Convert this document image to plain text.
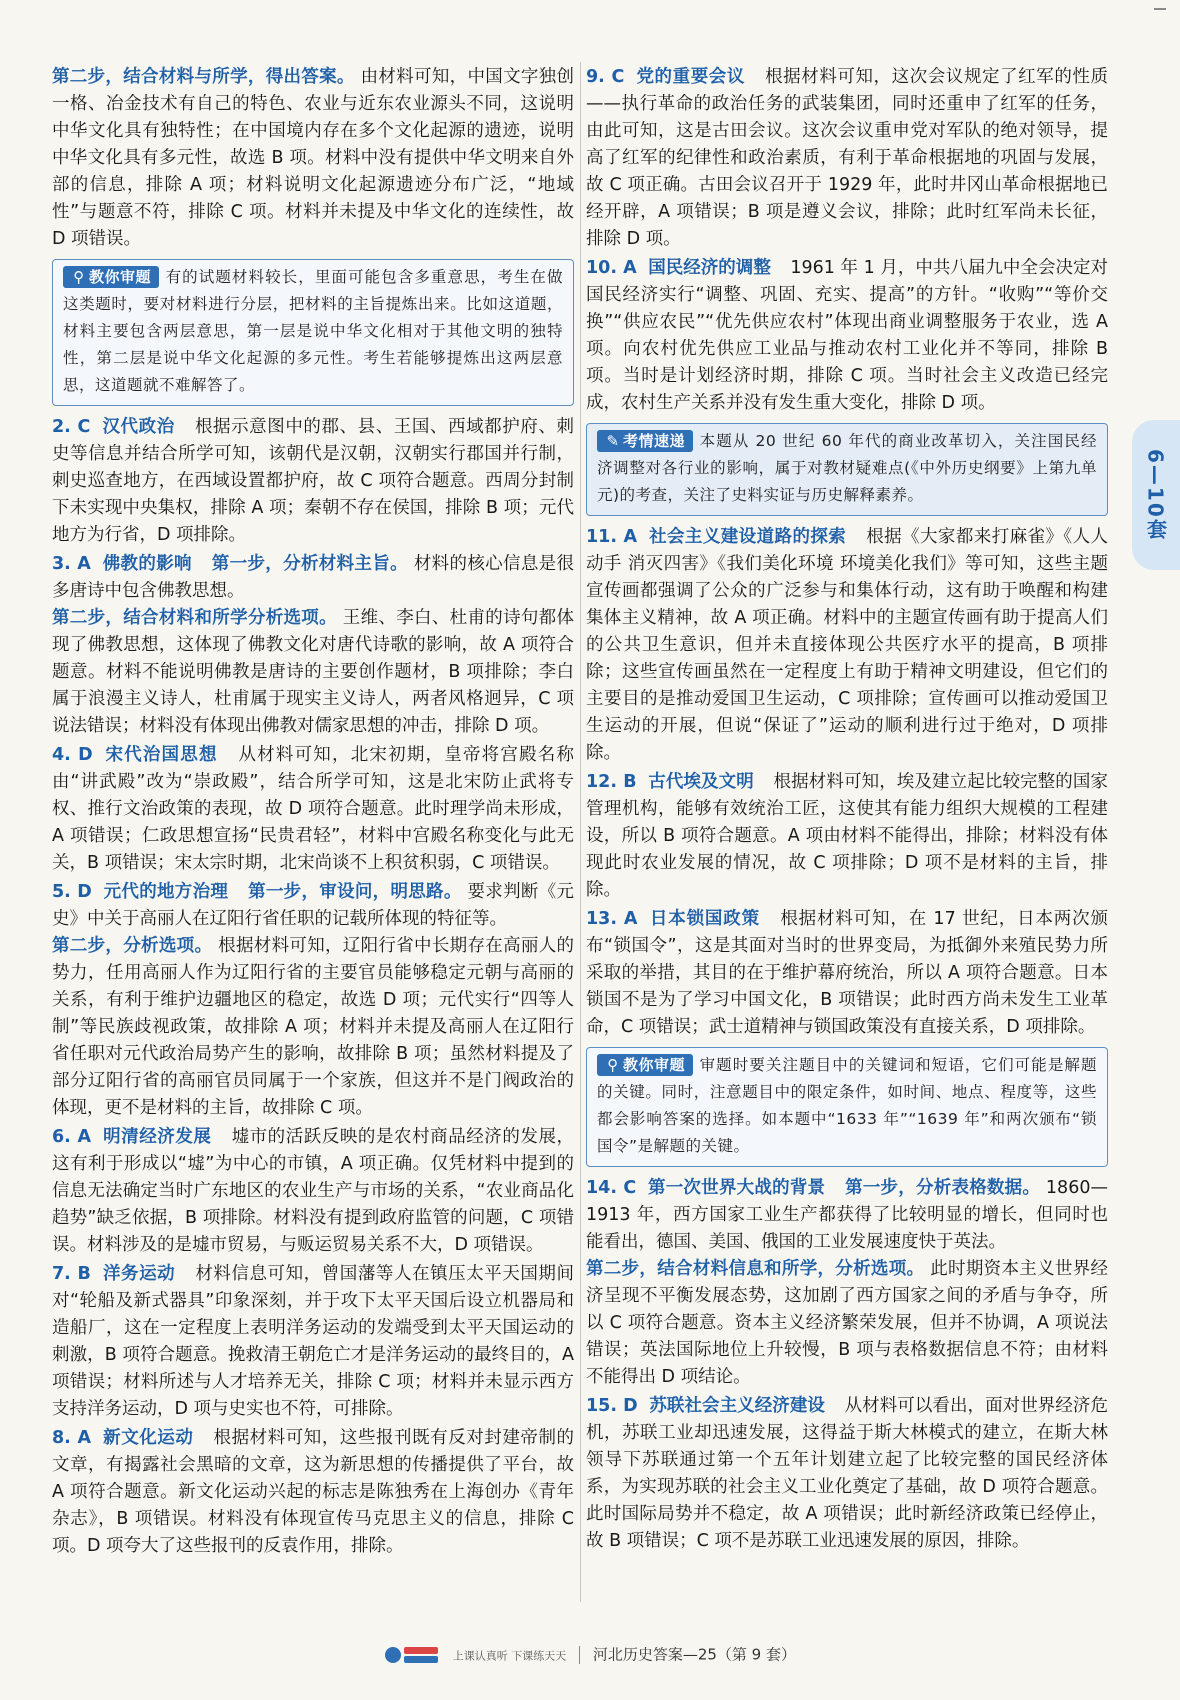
第二步，结合材料与所学，得出答案。 由材料可知，中国文字独创一格、冶金技术有自己的特色、农业与近东农业源头不同，这说明中华文化具有独特性；在中国境内存在多个文化起源的遗迹，说明中华文化具有多元性，故选 B 项。材料中没有提供中华文明来自外部的信息，排除 A 项；材料说明文化起源遗迹分布广泛，“地域性”与题意不符，排除 C 项。材料并未提及中华文化的连续性，故 D 项错误。

⚲ 教你审题 有的试题材料较长，里面可能包含多重意思，考生在做这类题时，要对材料进行分层，把材料的主旨提炼出来。比如这道题，材料主要包含两层意思，第一层是说中华文化相对于其他文明的独特性，第二层是说中华文化起源的多元性。考生若能够提炼出这两层意思，这道题就不难解答了。

2. C 汉代政治 根据示意图中的郡、县、王国、西域都护府、刺史等信息并结合所学可知，该朝代是汉朝，汉朝实行郡国并行制，刺史巡查地方，在西域设置都护府，故 C 项符合题意。西周分封制下未实现中央集权，排除 A 项；秦朝不存在侯国，排除 B 项；元代地方为行省，D 项排除。

3. A 佛教的影响 第一步，分析材料主旨。 材料的核心信息是很多唐诗中包含佛教思想。
第二步，结合材料和所学分析选项。 王维、李白、杜甫的诗句都体现了佛教思想，这体现了佛教文化对唐代诗歌的影响，故 A 项符合题意。材料不能说明佛教是唐诗的主要创作题材，B 项排除；李白属于浪漫主义诗人，杜甫属于现实主义诗人，两者风格迥异，C 项说法错误；材料没有体现出佛教对儒家思想的冲击，排除 D 项。

4. D 宋代治国思想 从材料可知，北宋初期，皇帝将宫殿名称由“讲武殿”改为“崇政殿”，结合所学可知，这是北宋防止武将专权、推行文治政策的表现，故 D 项符合题意。此时理学尚未形成，A 项错误；仁政思想宣扬“民贵君轻”，材料中宫殿名称变化与此无关，B 项错误；宋太宗时期，北宋尚谈不上积贫积弱，C 项错误。

5. D 元代的地方治理 第一步，审设问，明思路。 要求判断《元史》中关于高丽人在辽阳行省任职的记载所体现的特征等。
第二步，分析选项。 根据材料可知，辽阳行省中长期存在高丽人的势力，任用高丽人作为辽阳行省的主要官员能够稳定元朝与高丽的关系，有利于维护边疆地区的稳定，故选 D 项；元代实行“四等人制”等民族歧视政策，故排除 A 项；材料并未提及高丽人在辽阳行省任职对元代政治局势产生的影响，故排除 B 项；虽然材料提及了部分辽阳行省的高丽官员同属于一个家族，但这并不是门阀政治的体现，更不是材料的主旨，故排除 C 项。

6. A 明清经济发展 墟市的活跃反映的是农村商品经济的发展，这有利于形成以“墟”为中心的市镇，A 项正确。仅凭材料中提到的信息无法确定当时广东地区的农业生产与市场的关系，“农业商品化趋势”缺乏依据，B 项排除。材料没有提到政府监管的问题，C 项错误。材料涉及的是墟市贸易，与贩运贸易关系不大，D 项错误。

7. B 洋务运动 材料信息可知，曾国藩等人在镇压太平天国期间对“轮船及新式器具”印象深刻，并于攻下太平天国后设立机器局和造船厂，这在一定程度上表明洋务运动的发端受到太平天国运动的刺激，B 项符合题意。挽救清王朝危亡才是洋务运动的最终目的，A 项错误；材料所述与人才培养无关，排除 C 项；材料并未显示西方支持洋务运动，D 项与史实也不符，可排除。

8. A 新文化运动 根据材料可知，这些报刊既有反对封建帝制的文章，有揭露社会黑暗的文章，这为新思想的传播提供了平台，故 A 项符合题意。新文化运动兴起的标志是陈独秀在上海创办《青年杂志》，B 项错误。材料没有体现宣传马克思主义的信息，排除 C 项。D 项夸大了这些报刊的反袁作用，排除。

9. C 党的重要会议 根据材料可知，这次会议规定了红军的性质——执行革命的政治任务的武装集团，同时还重申了红军的任务，由此可知，这是古田会议。这次会议重申党对军队的绝对领导，提高了红军的纪律性和政治素质，有利于革命根据地的巩固与发展，故 C 项正确。古田会议召开于 1929 年，此时井冈山革命根据地已经开辟，A 项错误；B 项是遵义会议，排除；此时红军尚未长征，排除 D 项。

10. A 国民经济的调整 1961 年 1 月，中共八届九中全会决定对国民经济实行“调整、巩固、充实、提高”的方针。“收购”“等价交换”“供应农民”“优先供应农村”体现出商业调整服务于农业，选 A 项。向农村优先供应工业品与推动农村工业化并不等同，排除 B 项。当时是计划经济时期，排除 C 项。当时社会主义改造已经完成，农村生产关系并没有发生重大变化，排除 D 项。

✎ 考情速递 本题从 20 世纪 60 年代的商业改革切入，关注国民经济调整对各行业的影响，属于对教材疑难点(《中外历史纲要》上第九单元)的考查，关注了史料实证与历史解释素养。

11. A 社会主义建设道路的探索 根据《大家都来打麻雀》《人人动手 消灭四害》《我们美化环境 环境美化我们》等可知，这些主题宣传画都强调了公众的广泛参与和集体行动，这有助于唤醒和构建集体主义精神，故 A 项正确。材料中的主题宣传画有助于提高人们的公共卫生意识，但并未直接体现公共医疗水平的提高，B 项排除；这些宣传画虽然在一定程度上有助于精神文明建设，但它们的主要目的是推动爱国卫生运动，C 项排除；宣传画可以推动爱国卫生运动的开展，但说“保证了”运动的顺利进行过于绝对，D 项排除。

12. B 古代埃及文明 根据材料可知，埃及建立起比较完整的国家管理机构，能够有效统治工匠，这使其有能力组织大规模的工程建设，所以 B 项符合题意。A 项由材料不能得出，排除；材料没有体现此时农业发展的情况，故 C 项排除；D 项不是材料的主旨，排除。

13. A 日本锁国政策 根据材料可知，在 17 世纪，日本两次颁布“锁国令”，这是其面对当时的世界变局，为抵御外来殖民势力所采取的举措，其目的在于维护幕府统治，所以 A 项符合题意。日本锁国不是为了学习中国文化，B 项错误；此时西方尚未发生工业革命，C 项错误；武士道精神与锁国政策没有直接关系，D 项排除。

⚲ 教你审题 审题时要关注题目中的关键词和短语，它们可能是解题的关键。同时，注意题目中的限定条件，如时间、地点、程度等，这些都会影响答案的选择。如本题中“1633 年”“1639 年”和两次颁布“锁国令”是解题的关键。

14. C 第一次世界大战的背景 第一步，分析表格数据。 1860—1913 年，西方国家工业生产都获得了比较明显的增长，但同时也能看出，德国、美国、俄国的工业发展速度快于英法。
第二步，结合材料信息和所学，分析选项。 此时期资本主义世界经济呈现不平衡发展态势，这加剧了西方国家之间的矛盾与争夺，所以 C 项符合题意。资本主义经济繁荣发展，但并不协调，A 项说法错误；英法国际地位上升较慢，B 项与表格数据信息不符；由材料不能得出 D 项结论。

15. D 苏联社会主义经济建设 从材料可以看出，面对世界经济危机，苏联工业却迅速发展，这得益于斯大林模式的建立，在斯大林领导下苏联通过第一个五年计划建立起了比较完整的国民经济体系，为实现苏联的社会主义工业化奠定了基础，故 D 项符合题意。此时国际局势并不稳定，故 A 项错误；此时新经济政策已经停止，故 B 项错误；C 项不是苏联工业迅速发展的原因，排除。

6—10套
上课认真听 下课练天天 河北历史答案—25（第 9 套）
